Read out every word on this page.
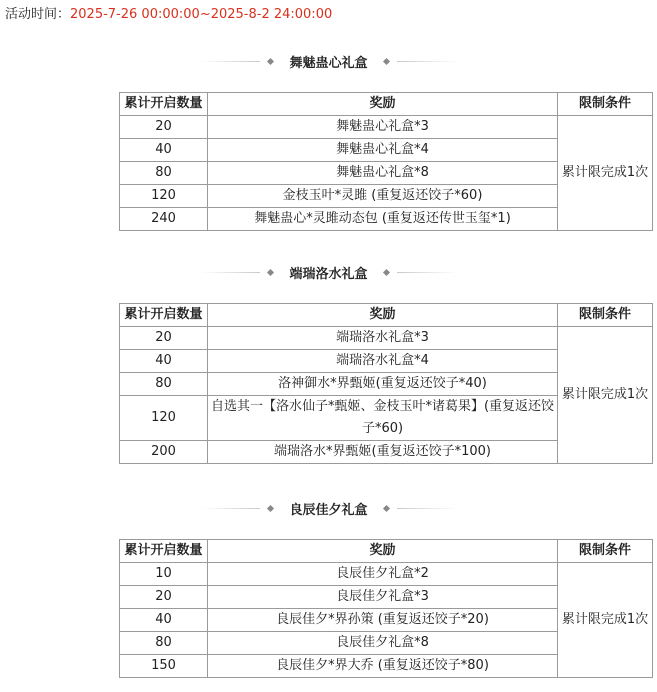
活动时间：2025-7-26 00:00:00~2025-8-2 24:00:00
舞魅蛊心礼盒
累计开启数量	奖励	限制条件
20	舞魅蛊心礼盒*3	累计限完成1次
40	舞魅蛊心礼盒*4	
80	舞魅蛊心礼盒*8	
120	金枝玉叶*灵雎 (重复返还饺子*60)	
240	舞魅蛊心*灵雎动态包 (重复返还传世玉玺*1)	
端瑞洛水礼盒
累计开启数量	奖励	限制条件
20	端瑞洛水礼盒*3	累计限完成1次
40	端瑞洛水礼盒*4	
80	洛神御水*界甄姬(重复返还饺子*40)	
120	自选其一【洛水仙子*甄姬、金枝玉叶*诸葛果】(重复返还饺子*60)	
200	端瑞洛水*界甄姬(重复返还饺子*100)	
良辰佳夕礼盒
累计开启数量	奖励	限制条件
10	良辰佳夕礼盒*2	累计限完成1次
20	良辰佳夕礼盒*3	
40	良辰佳夕*界孙策 (重复返还饺子*20)	
80	良辰佳夕礼盒*8	
150	良辰佳夕*界大乔 (重复返还饺子*80)	
